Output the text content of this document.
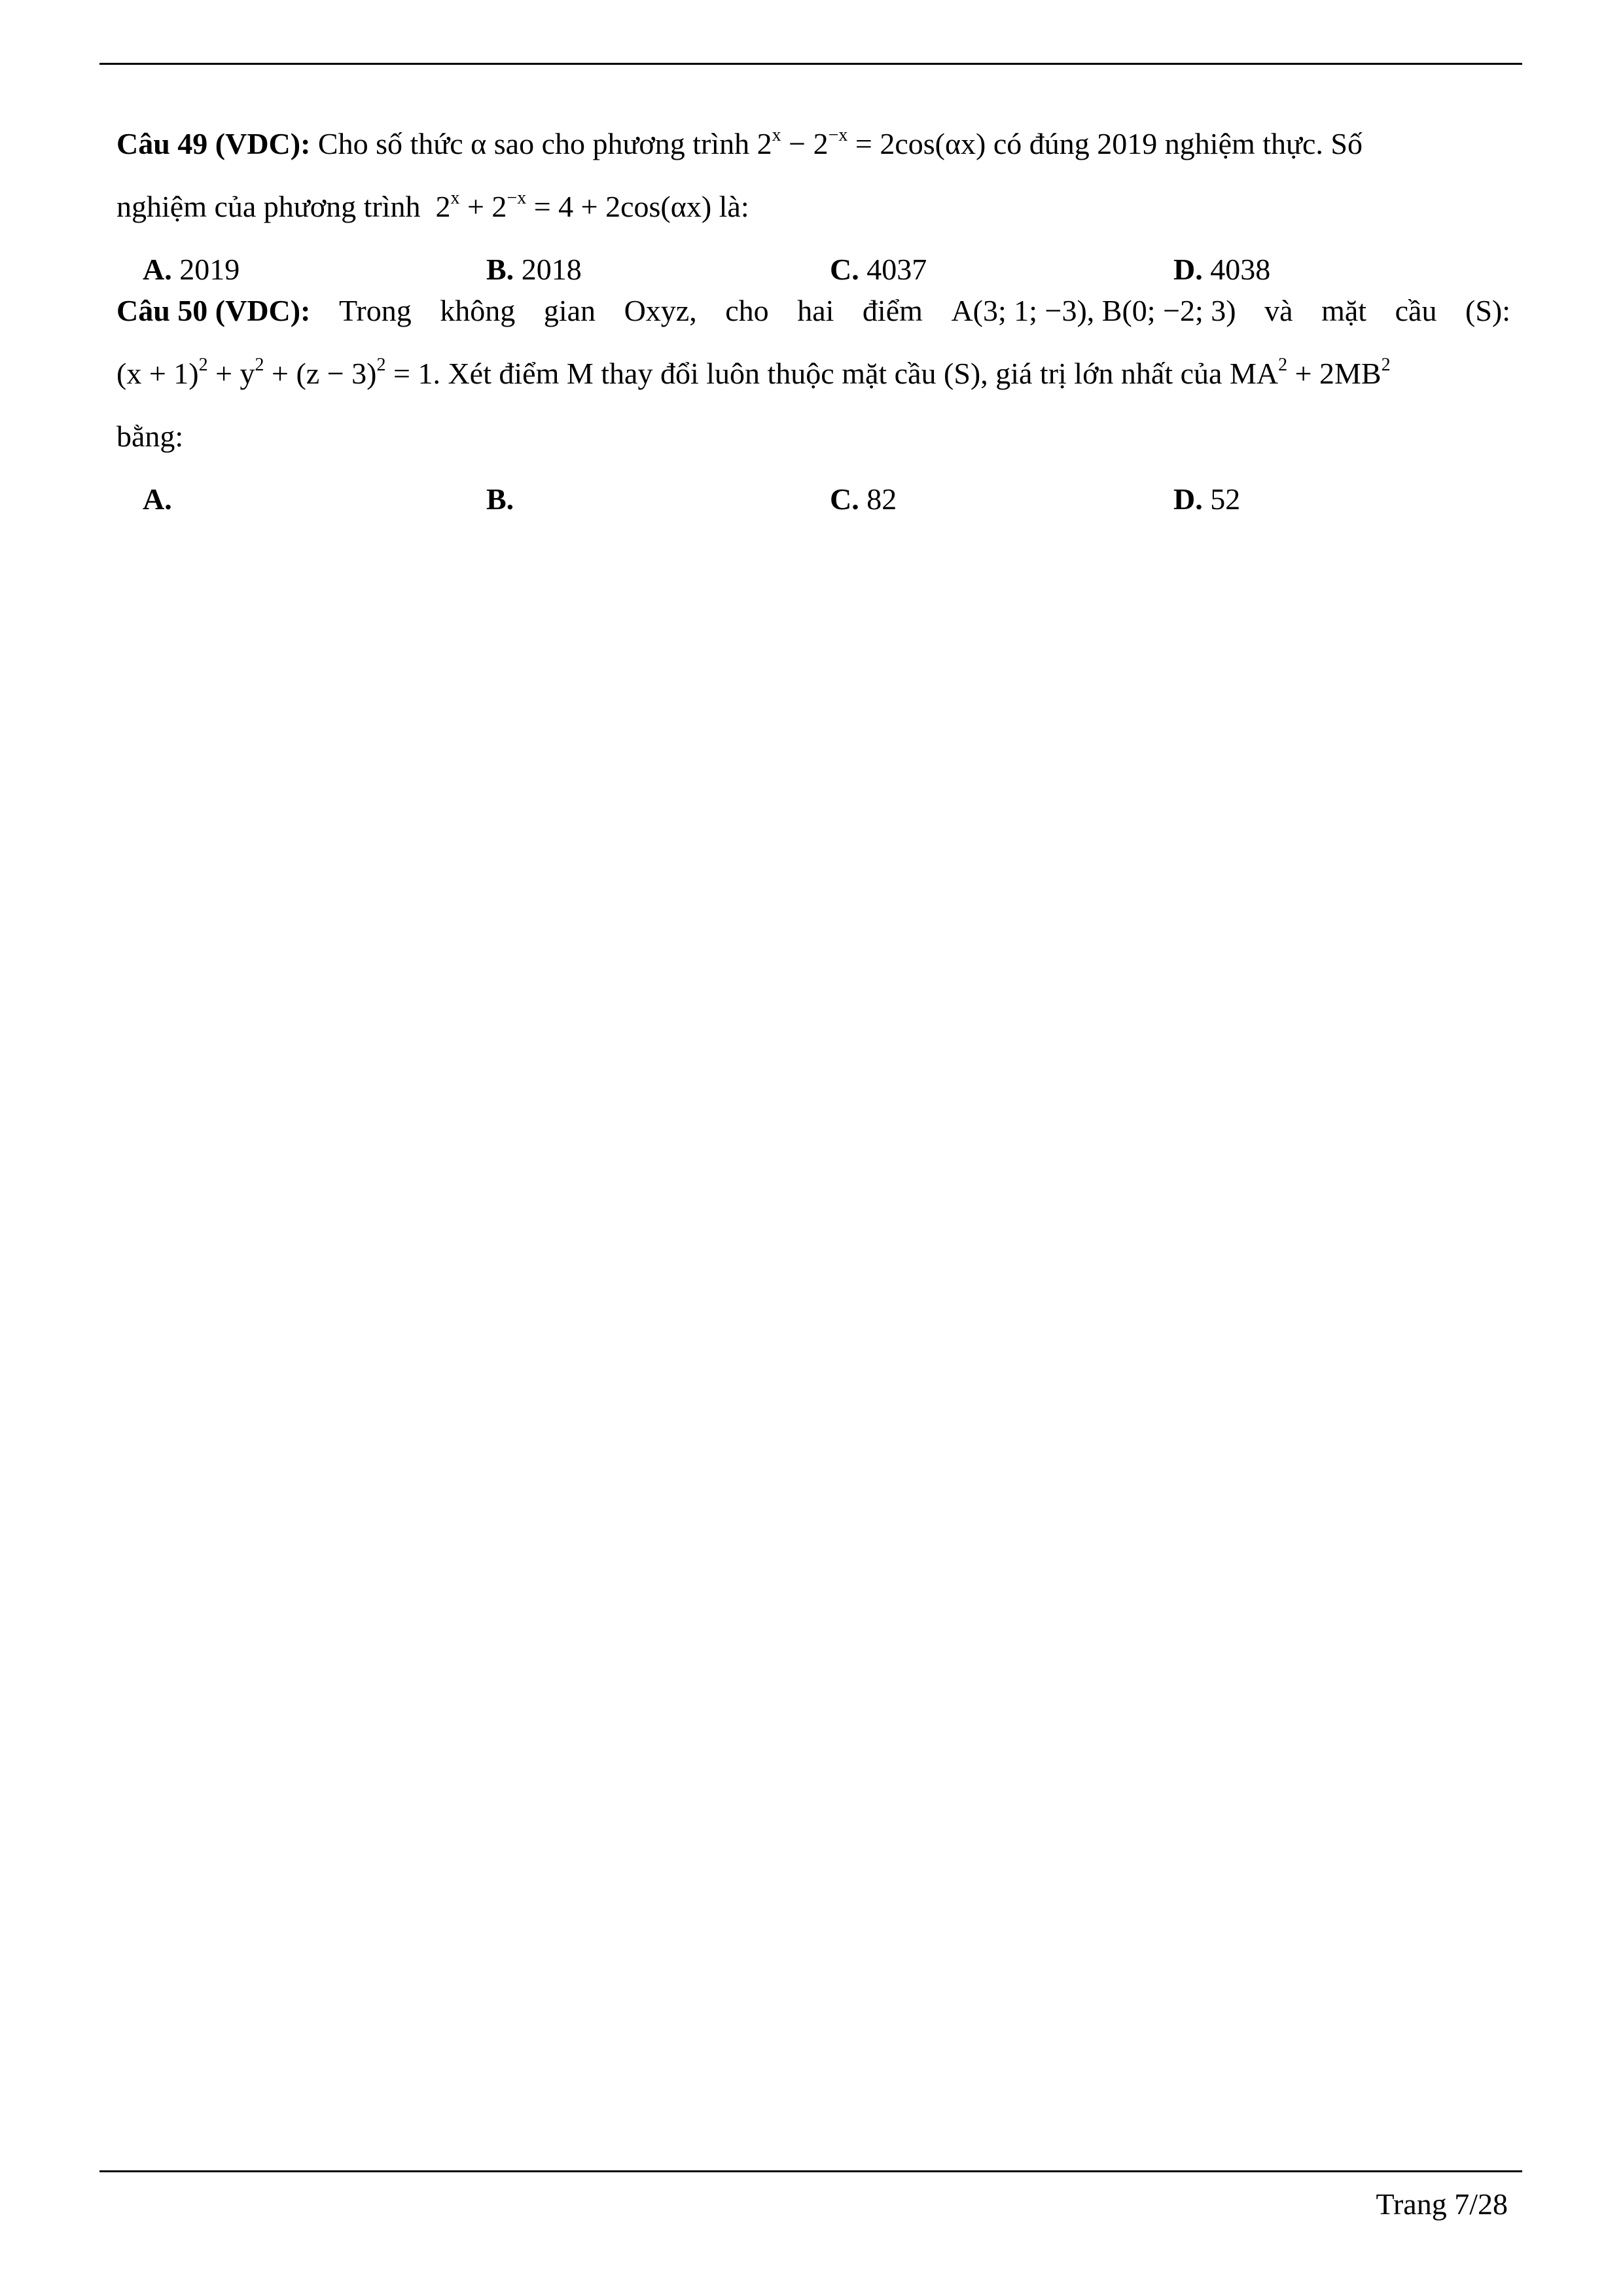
Câu 49 (VDC): Cho số thức α sao cho phương trình $2^x - 2^{-x} = 2\cos(\alpha x)$ có đúng 2019 nghiệm thực. Số
nghiệm của phương trình $2^x + 2^{-x} = 4 + 2\cos(\alpha x)$ là:
A. 2019	B. 2018	C. 4037	D. 4038
Câu 50 (VDC): Trong không gian Oxyz, cho hai điểm A(3; 1; −3), B(0; −2; 3) và mặt cầu (S):
$(x + 1)^2 + y^2 + (z - 3)^2 = 1$. Xét điểm M thay đổi luôn thuộc mặt cầu (S), giá trị lớn nhất của $MA^2 + 2MB^2$
bằng:
A.	B.	C. 82	D. 52
Trang 7/28
